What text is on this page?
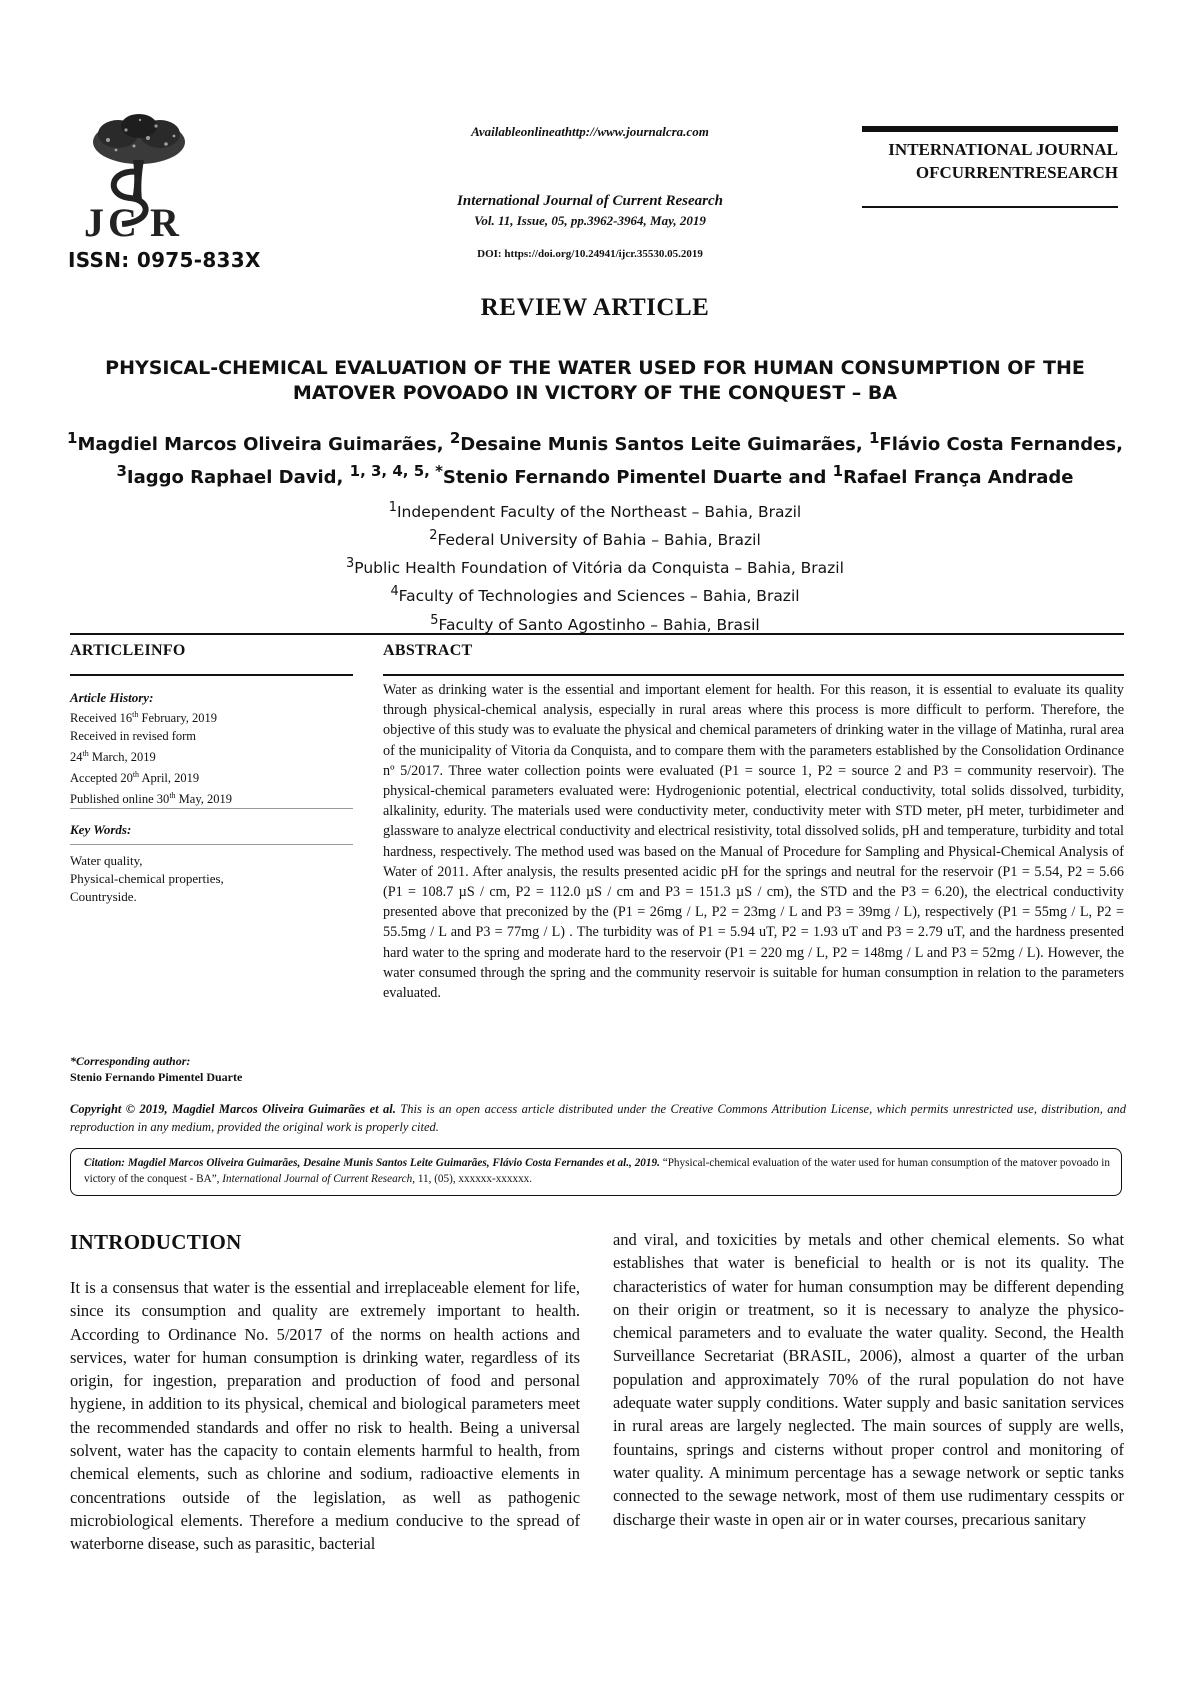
J C R
ISSN: 0975-833X
Availableonlineathttp://www.journalcra.com
International Journal of Current Research
Vol. 11, Issue, 05, pp.3962-3964, May, 2019
DOI: https://doi.org/10.24941/ijcr.35530.05.2019
INTERNATIONAL JOURNAL
OFCURRENTRESEARCH
REVIEW ARTICLE
PHYSICAL-CHEMICAL EVALUATION OF THE WATER USED FOR HUMAN CONSUMPTION OF THE
MATOVER POVOADO IN VICTORY OF THE CONQUEST – BA
$^1$Magdiel Marcos Oliveira Guimarães, $^2$Desaine Munis Santos Leite Guimarães, $^1$Flávio Costa Fernandes,
$^3$Iaggo Raphael David, $^{1, 3, 4, 5, *}$Stenio Fernando Pimentel Duarte and $^1$Rafael França Andrade
$^1$Independent Faculty of the Northeast – Bahia, Brazil
$^2$Federal University of Bahia – Bahia, Brazil
$^3$Public Health Foundation of Vitória da Conquista – Bahia, Brazil
$^4$Faculty of Technologies and Sciences – Bahia, Brazil
$^5$Faculty of Santo Agostinho – Bahia, Brasil
ARTICLEINFO
Article History:
Received 16th February, 2019
Received in revised form
24th March, 2019
Accepted 20th April, 2019
Published online 30th May, 2019
Key Words:
Water quality,
Physical-chemical properties,
Countryside.
*Corresponding author:
Stenio Fernando Pimentel Duarte
ABSTRACT
Water as drinking water is the essential and important element for health. For this reason, it is essential to evaluate its quality through physical-chemical analysis, especially in rural areas where this process is more difficult to perform. Therefore, the objective of this study was to evaluate the physical and chemical parameters of drinking water in the village of Matinha, rural area of the municipality of Vitoria da Conquista, and to compare them with the parameters established by the Consolidation Ordinance nº 5/2017. Three water collection points were evaluated (P1 = source 1, P2 = source 2 and P3 = community reservoir). The physical-chemical parameters evaluated were: Hydrogenionic potential, electrical conductivity, total solids dissolved, turbidity, alkalinity, edurity. The materials used were conductivity meter, conductivity meter with STD meter, pH meter, turbidimeter and glassware to analyze electrical conductivity and electrical resistivity, total dissolved solids, pH and temperature, turbidity and total hardness, respectively. The method used was based on the Manual of Procedure for Sampling and Physical-Chemical Analysis of Water of 2011. After analysis, the results presented acidic pH for the springs and neutral for the reservoir (P1 = 5.54, P2 = 5.66 (P1 = 108.7 µS / cm, P2 = 112.0 µS / cm and P3 = 151.3 µS / cm), the STD and the P3 = 6.20), the electrical conductivity presented above that preconized by the (P1 = 26mg / L, P2 = 23mg / L and P3 = 39mg / L), respectively (P1 = 55mg / L, P2 = 55.5mg / L and P3 = 77mg / L) . The turbidity was of P1 = 5.94 uT, P2 = 1.93 uT and P3 = 2.79 uT, and the hardness presented hard water to the spring and moderate hard to the reservoir (P1 = 220 mg / L, P2 = 148mg / L and P3 = 52mg / L). However, the water consumed through the spring and the community reservoir is suitable for human consumption in relation to the parameters evaluated.
Copyright © 2019, Magdiel Marcos Oliveira Guimarães et al. This is an open access article distributed under the Creative Commons Attribution License, which permits unrestricted use, distribution, and reproduction in any medium, provided the original work is properly cited.
Citation: Magdiel Marcos Oliveira Guimarães, Desaine Munis Santos Leite Guimarães, Flávio Costa Fernandes et al., 2019. “Physical-chemical evaluation of the water used for human consumption of the matover povoado in victory of the conquest - BA”, International Journal of Current Research, 11, (05), xxxxxx-xxxxxx.
INTRODUCTION
It is a consensus that water is the essential and irreplaceable element for life, since its consumption and quality are extremely important to health. According to Ordinance No. 5/2017 of the norms on health actions and services, water for human consumption is drinking water, regardless of its origin, for ingestion, preparation and production of food and personal hygiene, in addition to its physical, chemical and biological parameters meet the recommended standards and offer no risk to health. Being a universal solvent, water has the capacity to contain elements harmful to health, from chemical elements, such as chlorine and sodium, radioactive elements in concentrations outside of the legislation, as well as pathogenic microbiological elements. Therefore a medium conducive to the spread of waterborne disease, such as parasitic, bacterial
and viral, and toxicities by metals and other chemical elements. So what establishes that water is beneficial to health or is not its quality. The characteristics of water for human consumption may be different depending on their origin or treatment, so it is necessary to analyze the physico-chemical parameters and to evaluate the water quality. Second, the Health Surveillance Secretariat (BRASIL, 2006), almost a quarter of the urban population and approximately 70% of the rural population do not have adequate water supply conditions. Water supply and basic sanitation services in rural areas are largely neglected. The main sources of supply are wells, fountains, springs and cisterns without proper control and monitoring of water quality. A minimum percentage has a sewage network or septic tanks connected to the sewage network, most of them use rudimentary cesspits or discharge their waste in open air or in water courses, precarious sanitary
